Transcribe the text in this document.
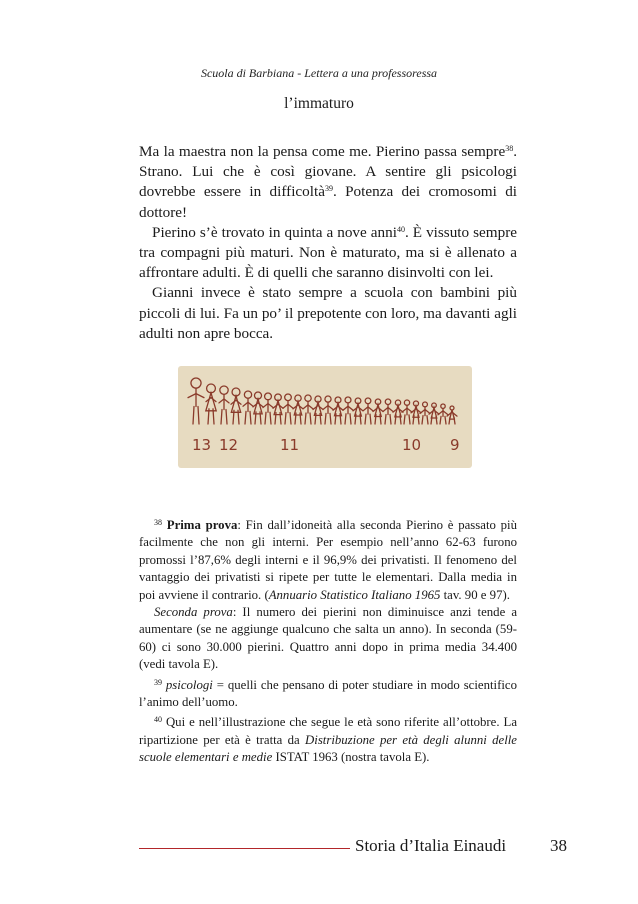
Scuola di Barbiana - Lettera a una professoressa
l’immaturo

Ma la maestra non la pensa come me. Pierino passa sempre$^{38}$. Strano. Lui che è così giovane. A sentire gli psicologi dovrebbe essere in difficoltà$^{39}$. Potenza dei cromosomi di dottore!

Pierino s’è trovato in quinta a nove anni$^{40}$. È vissuto sempre tra compagni più maturi. Non è maturato, ma si è allenato a affrontare adulti. È di quelli che saranno disinvolti con lei.

Gianni invece è stato sempre a scuola con bambini più piccoli di lui. Fa un po’ il prepotente con loro, ma davanti agli adulti non apre bocca.

13 12	11	10 9

$^{38}$ Prima prova: Fin dall’idoneità alla seconda Pierino è passato più facilmente che non gli interni. Per esempio nell’anno 62-63 furono promossi l’87,6% degli interni e il 96,9% dei privatisti. Il fenomeno del vantaggio dei privatisti si ripete per tutte le elementari. Dalla media in poi avviene il contrario. (Annuario Statistico Italiano 1965 tav. 90 e 97).

Seconda prova: Il numero dei pierini non diminuisce anzi tende a aumentare (se ne aggiunge qualcuno che salta un anno). In seconda (59-60) ci sono 30.000 pierini. Quattro anni dopo in prima media 34.400 (vedi tavola E).

$^{39}$ psicologi = quelli che pensano di poter studiare in modo scientifico l’animo dell’uomo.

$^{40}$ Qui e nell’illustrazione che segue le età sono riferite all’ottobre. La ripartizione per età è tratta da Distribuzione per età degli alunni delle scuole elementari e medie ISTAT 1963 (nostra tavola E).

Storia d’Italia Einaudi	38
